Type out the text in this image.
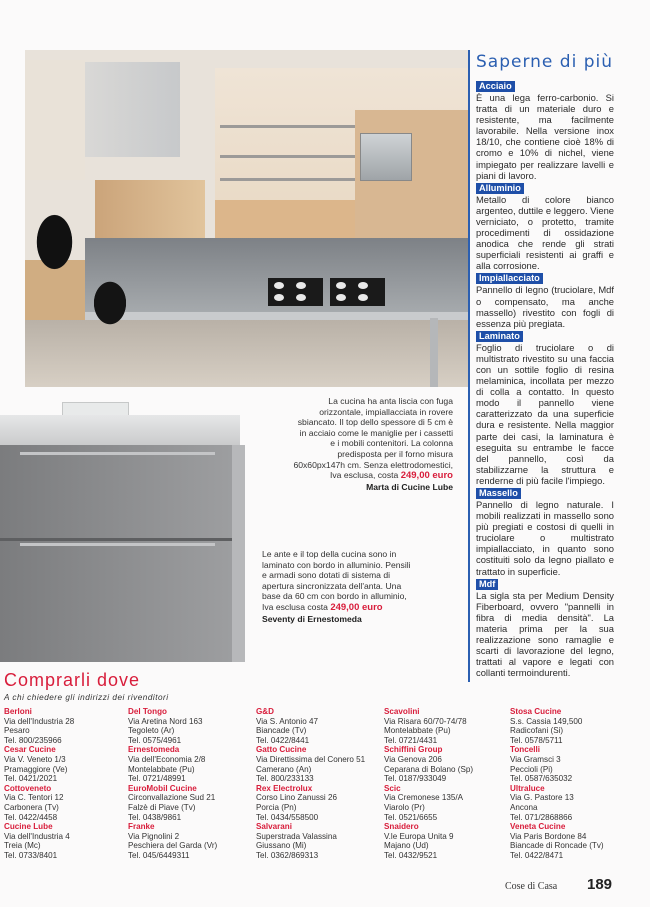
La cucina ha anta liscia con fuga orizzontale, impiallacciata in rovere sbiancato. Il top dello spessore di 5 cm è in acciaio come le maniglie per i cassetti e i mobili contenitori. La colonna predisposta per il forno misura 60x60px147h cm. Senza elettrodomestici, Iva esclusa, costa 249,00 euro
Marta di Cucine Lube
Le ante e il top della cucina sono in laminato con bordo in alluminio. Pensili e armadi sono dotati di sistema di apertura sincronizzata dell'anta. Una base da 60 cm con bordo in alluminio, Iva esclusa costa 249,00 euro
Seventy di Ernestomeda
Saperne di più
Acciaio
È una lega ferro-carbonio. Si tratta di un materiale duro e resistente, ma facilmente lavorabile. Nella versione inox 18/10, che contiene cioè 18% di cromo e 10% di nichel, viene impiegato per realizzare lavelli e piani di lavoro.
Alluminio
Metallo di colore bianco argenteo, duttile e leggero. Viene verniciato, o protetto, tramite procedimenti di ossidazione anodica che rende gli strati superficiali resistenti ai graffi e alla corrosione.
Impiallacciato
Pannello di legno (truciolare, Mdf o compensato, ma anche massello) rivestito con fogli di essenza più pregiata.
Laminato
Foglio di truciolare o di multistrato rivestito su una faccia con un sottile foglio di resina melaminica, incollata per mezzo di colla a contatto. In questo modo il pannello viene caratterizzato da una superficie dura e resistente. Nella maggior parte dei casi, la laminatura è eseguita su entrambe le facce del pannello, così da stabilizzarne la struttura e renderne di più facile l'impiego.
Massello
Pannello di legno naturale. I mobili realizzati in massello sono più pregiati e costosi di quelli in truciolare o multistrato impiallacciato, in quanto sono costituiti solo da legno piallato e trattato in superficie.
Mdf
La sigla sta per Medium Density Fiberboard, ovvero "pannelli in fibra di media densità". La materia prima per la sua realizzazione sono ramaglie e scarti di lavorazione del legno, trattati al vapore e legati con collanti termoindurenti.
Comprarli dove
A chi chiedere gli indirizzi dei rivenditori
Berloni
Via dell'Industria 28
Pesaro
Tel. 800/235966
Cesar Cucine
Via V. Veneto 1/3
Pramaggiore (Ve)
Tel. 0421/2021
Cottoveneto
Via C. Tentori 12
Carbonera (Tv)
Tel. 0422/4458
Cucine Lube
Via dell'Industria 4
Treia (Mc)
Tel. 0733/8401
Del Tongo
Via Aretina Nord 163
Tegoleto (Ar)
Tel. 0575/4961
Ernestomeda
Via dell'Economia 2/8
Montelabbate (Pu)
Tel. 0721/48991
EuroMobil Cucine
Circonvallazione Sud 21
Falzè di Piave (Tv)
Tel. 0438/9861
Franke
Via Pignolini 2
Peschiera del Garda (Vr)
Tel. 045/6449311
G&D
Via S. Antonio 47
Biancade (Tv)
Tel. 0422/8441
Gatto Cucine
Via Direttissima del Conero 51
Camerano (An)
Tel. 800/233133
Rex Electrolux
Corso Lino Zanussi 26
Porcia (Pn)
Tel. 0434/558500
Salvarani
Superstrada Valassina
Giussano (Mi)
Tel. 0362/869313
Scavolini
Via Risara 60/70-74/78
Montelabbate (Pu)
Tel. 0721/4431
Schiffini Group
Via Genova 206
Ceparana di Bolano (Sp)
Tel. 0187/933049
Scic
Via Cremonese 135/A
Viarolo (Pr)
Tel. 0521/6655
Snaidero
V.le Europa Unita 9
Majano (Ud)
Tel. 0432/9521
Stosa Cucine
S.s. Cassia 149,500
Radicofani (Si)
Tel. 0578/5711
Toncelli
Via Gramsci 3
Peccioli (Pi)
Tel. 0587/635032
Ultraluce
Via G. Pastore 13
Ancona
Tel. 071/2868866
Veneta Cucine
Via Paris Bordone 84
Biancade di Roncade (Tv)
Tel. 0422/8471
Cose di Casa 189
